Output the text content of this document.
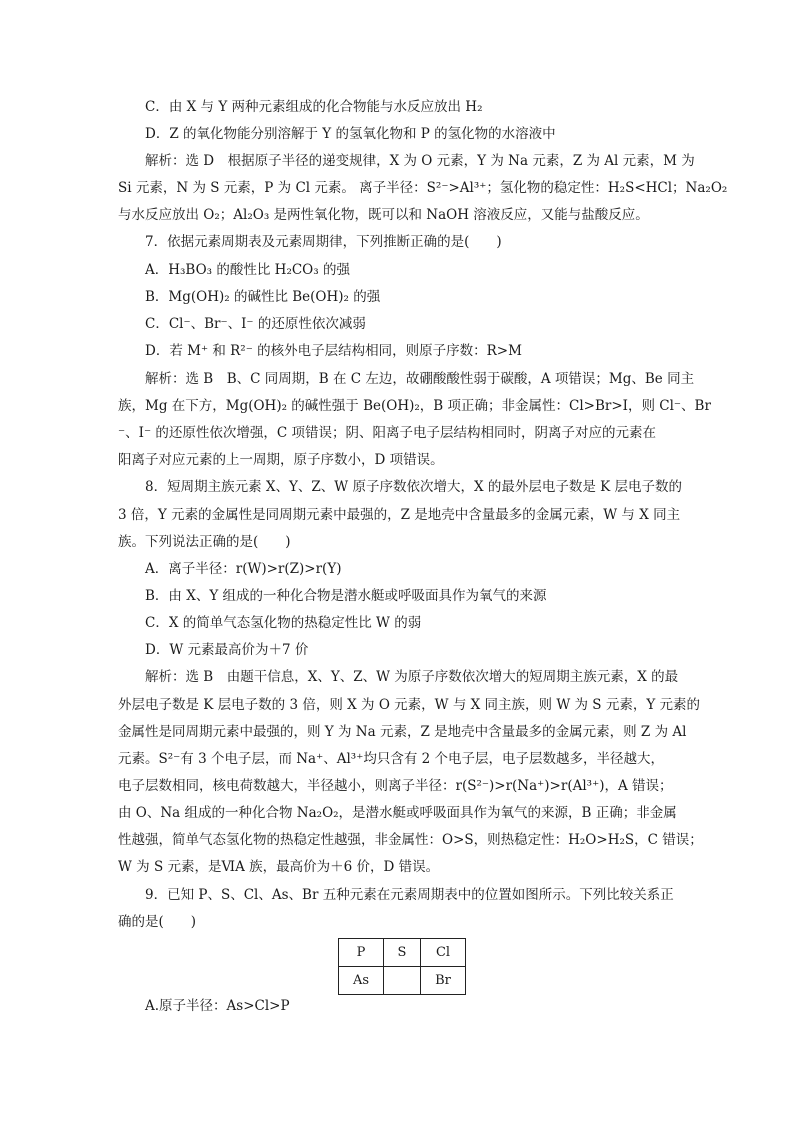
C．由 X 与 Y 两种元素组成的化合物能与水反应放出 H₂
D．Z 的氧化物能分别溶解于 Y 的氢氧化物和 P 的氢化物的水溶液中
解析：选 D　根据原子半径的递变规律，X 为 O 元素，Y 为 Na 元素，Z 为 Al 元素，M 为
Si 元素，N 为 S 元素，P 为 Cl 元素。 离子半径：S²⁻>Al³⁺；氢化物的稳定性：H₂S<HCl；Na₂O₂
与水反应放出 O₂；Al₂O₃ 是两性氧化物，既可以和 NaOH 溶液反应，又能与盐酸反应。
7．依据元素周期表及元素周期律，下列推断正确的是(　　)
A．H₃BO₃ 的酸性比 H₂CO₃ 的强
B．Mg(OH)₂ 的碱性比 Be(OH)₂ 的强
C．Cl⁻、Br⁻、I⁻ 的还原性依次减弱
D．若 M⁺ 和 R²⁻ 的核外电子层结构相同，则原子序数：R>M
解析：选 B　B、C 同周期，B 在 C 左边，故硼酸酸性弱于碳酸，A 项错误；Mg、Be 同主
族，Mg 在下方，Mg(OH)₂ 的碱性强于 Be(OH)₂，B 项正确；非金属性：Cl>Br>I，则 Cl⁻、Br
⁻、I⁻ 的还原性依次增强，C 项错误；阴、阳离子电子层结构相同时，阴离子对应的元素在
阳离子对应元素的上一周期，原子序数小，D 项错误。
8．短周期主族元素 X、Y、Z、W 原子序数依次增大，X 的最外层电子数是 K 层电子数的
3 倍，Y 元素的金属性是同周期元素中最强的，Z 是地壳中含量最多的金属元素，W 与 X 同主
族。下列说法正确的是(　　)
A．离子半径：r(W)>r(Z)>r(Y)
B．由 X、Y 组成的一种化合物是潜水艇或呼吸面具作为氧气的来源
C．X 的简单气态氢化物的热稳定性比 W 的弱
D．W 元素最高价为＋7 价
解析：选 B　由题干信息，X、Y、Z、W 为原子序数依次增大的短周期主族元素，X 的最
外层电子数是 K 层电子数的 3 倍，则 X 为 O 元素，W 与 X 同主族，则 W 为 S 元素，Y 元素的
金属性是同周期元素中最强的，则 Y 为 Na 元素，Z 是地壳中含量最多的金属元素，则 Z 为 Al
元素。S²⁻有 3 个电子层，而 Na⁺、Al³⁺均只含有 2 个电子层，电子层数越多，半径越大，
电子层数相同，核电荷数越大，半径越小，则离子半径：r(S²⁻)>r(Na⁺)>r(Al³⁺)，A 错误；
由 O、Na 组成的一种化合物 Na₂O₂，是潜水艇或呼吸面具作为氧气的来源，B 正确；非金属
性越强，简单气态氢化物的热稳定性越强，非金属性：O>S，则热稳定性：H₂O>H₂S，C 错误；
W 为 S 元素，是ⅥA 族，最高价为＋6 价，D 错误。
9．已知 P、S、Cl、As、Br 五种元素在元素周期表中的位置如图所示。下列比较关系正
确的是(　　)
P	S	Cl
As		Br
A.原子半径：As>Cl>P
